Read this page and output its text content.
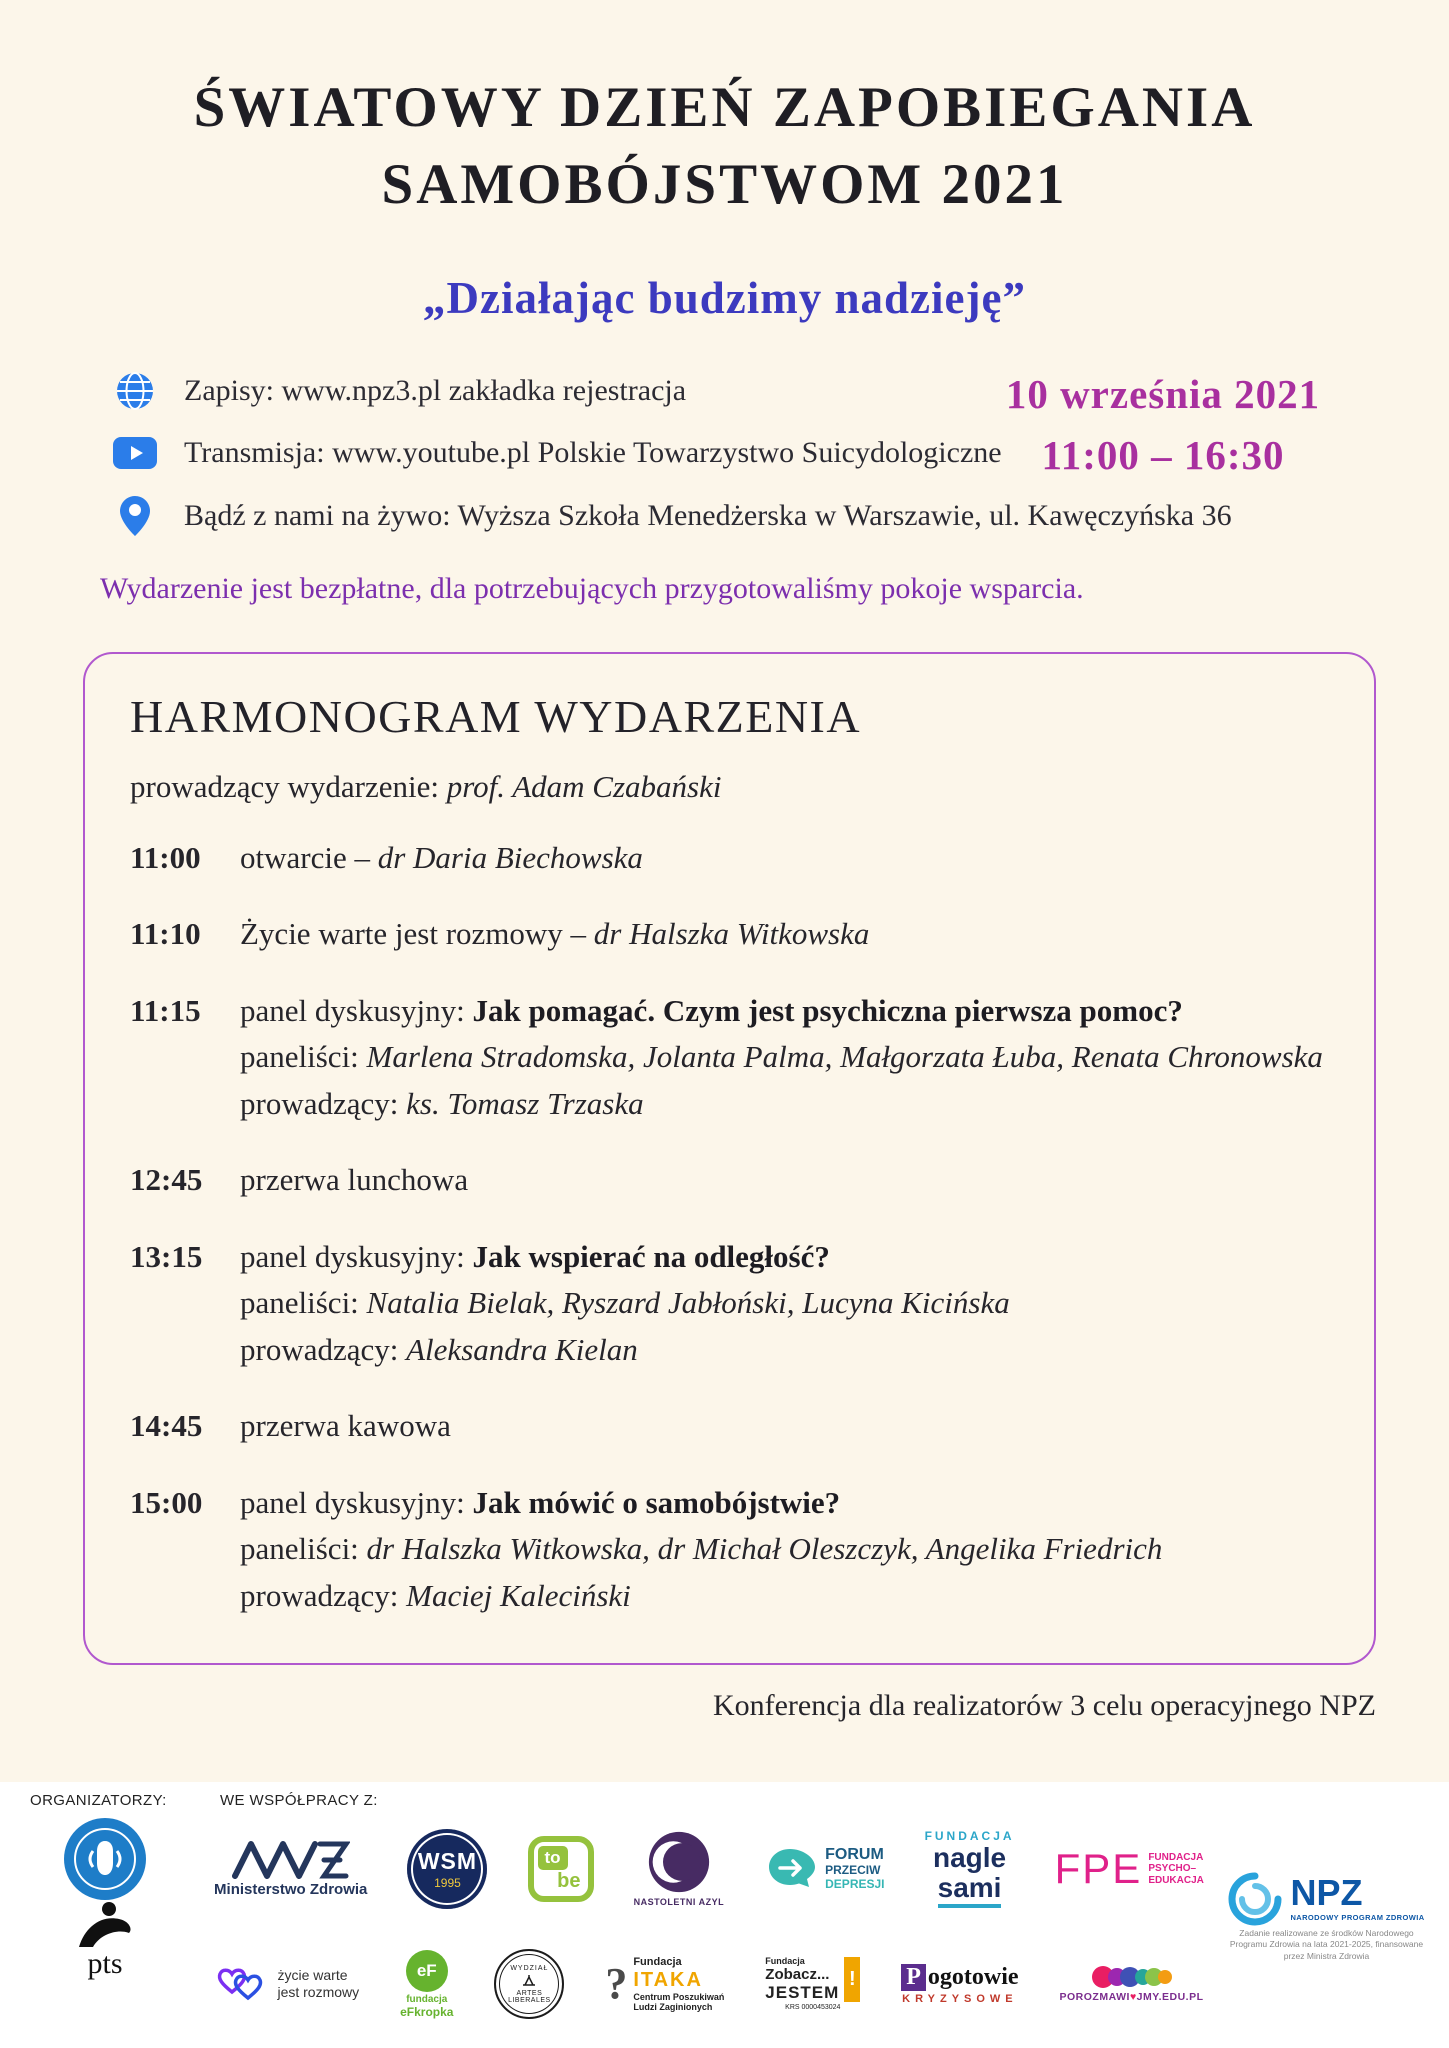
ŚWIATOWY DZIEŃ ZAPOBIEGANIA
SAMOBÓJSTWOM 2021
„Działając budzimy nadzieję”
10 września 2021
11:00 – 16:30
Zapisy: www.npz3.pl zakładka rejestracja
Transmisja: www.youtube.pl Polskie Towarzystwo Suicydologiczne
Bądź z nami na żywo: Wyższa Szkoła Menedżerska w Warszawie, ul. Kawęczyńska 36

Wydarzenie jest bezpłatne, dla potrzebujących przygotowaliśmy pokoje wsparcia.

HARMONOGRAM WYDARZENIA

prowadzący wydarzenie: prof. Adam Czabański

11:00	otwarcie – dr Daria Biechowska

11:10	Życie warte jest rozmowy – dr Halszka Witkowska

11:15	panel dyskusyjny: Jak pomagać. Czym jest psychiczna pierwsza pomoc?

paneliści: Marlena Stradomska, Jolanta Palma, Małgorzata Łuba, Renata Chronowska

prowadzący: ks. Tomasz Trzaska

12:45	przerwa lunchowa

13:15	panel dyskusyjny: Jak wspierać na odległość?

paneliści: Natalia Bielak, Ryszard Jabłoński, Lucyna Kicińska

prowadzący: Aleksandra Kielan

14:45	przerwa kawowa

15:00	panel dyskusyjny: Jak mówić o samobójstwie?

paneliści: dr Halszka Witkowska, dr Michał Oleszczyk, Angelika Friedrich

prowadzący: Maciej Kaleciński

Konferencja dla realizatorów 3 celu operacyjnego NPZ

ORGANIZATORZY:
pts
WE WSPÓŁPRACY Z:
Ministerstwo Zdrowia
WSM
1995
to
be
NASTOLETNI AZYL
FORUM
PRZECIW
DEPRESJI
FUNDACJA
nagle
sami FPE FUNDACJA
PSYCHO–
EDUKACJA
życie warte
jest rozmowy
eF
fundacja
eFkropka
WYDZIAŁ
ARTES LIBERALES ? Fundacja
ITAKA
Centrum Poszukiwań
Ludzi Zaginionych
Fundacja
Zobacz...
JESTEM
!
KRS 0000453024
P ogotowie
KRYZYSOWE	POROZMAWI♥JMY.EDU.PL
NPZ
NARODOWY PROGRAM ZDROWIA

Zadanie realizowane ze środków Narodowego Programu Zdrowia na lata 2021-2025, finansowane przez Ministra Zdrowia
